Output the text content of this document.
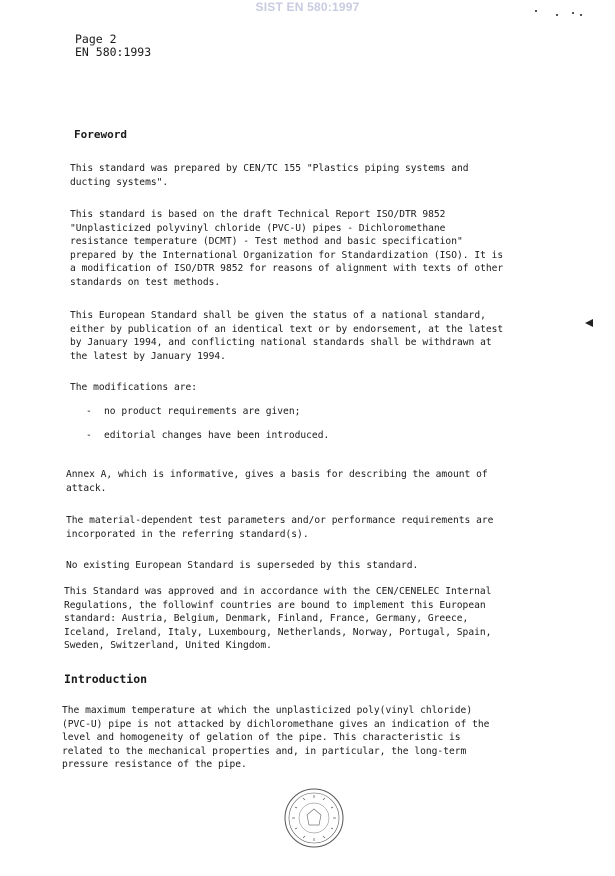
SIST EN 580:1997
Page 2
EN 580:1993
Foreword
This standard was prepared by CEN/TC 155 "Plastics piping systems and
ducting systems".
This standard is based on the draft Technical Report ISO/DTR 9852
"Unplasticized polyvinyl chloride (PVC-U) pipes - Dichloromethane
resistance temperature (DCMT) - Test method and basic specification"
prepared by the International Organization for Standardization (ISO). It is
a modification of ISO/DTR 9852 for reasons of alignment with texts of other
standards on test methods.
This European Standard shall be given the status of a national standard,
either by publication of an identical text or by endorsement, at the latest
by January 1994, and conflicting national standards shall be withdrawn at
the latest by January 1994.
The modifications are:
- no product requirements are given;
- editorial changes have been introduced.
Annex A, which is informative, gives a basis for describing the amount of
attack.
The material-dependent test parameters and/or performance requirements are
incorporated in the referring standard(s).
No existing European Standard is superseded by this standard.
This Standard was approved and in accordance with the CEN/CENELEC Internal
Regulations, the followinf countries are bound to implement this European
standard: Austria, Belgium, Denmark, Finland, France, Germany, Greece,
Iceland, Ireland, Italy, Luxembourg, Netherlands, Norway, Portugal, Spain,
Sweden, Switzerland, United Kingdom.
Introduction
The maximum temperature at which the unplasticized poly(vinyl chloride)
(PVC-U) pipe is not attacked by dichloromethane gives an indication of the
level and homogeneity of gelation of the pipe. This characteristic is
related to the mechanical properties and, in particular, the long-term
pressure resistance of the pipe.
